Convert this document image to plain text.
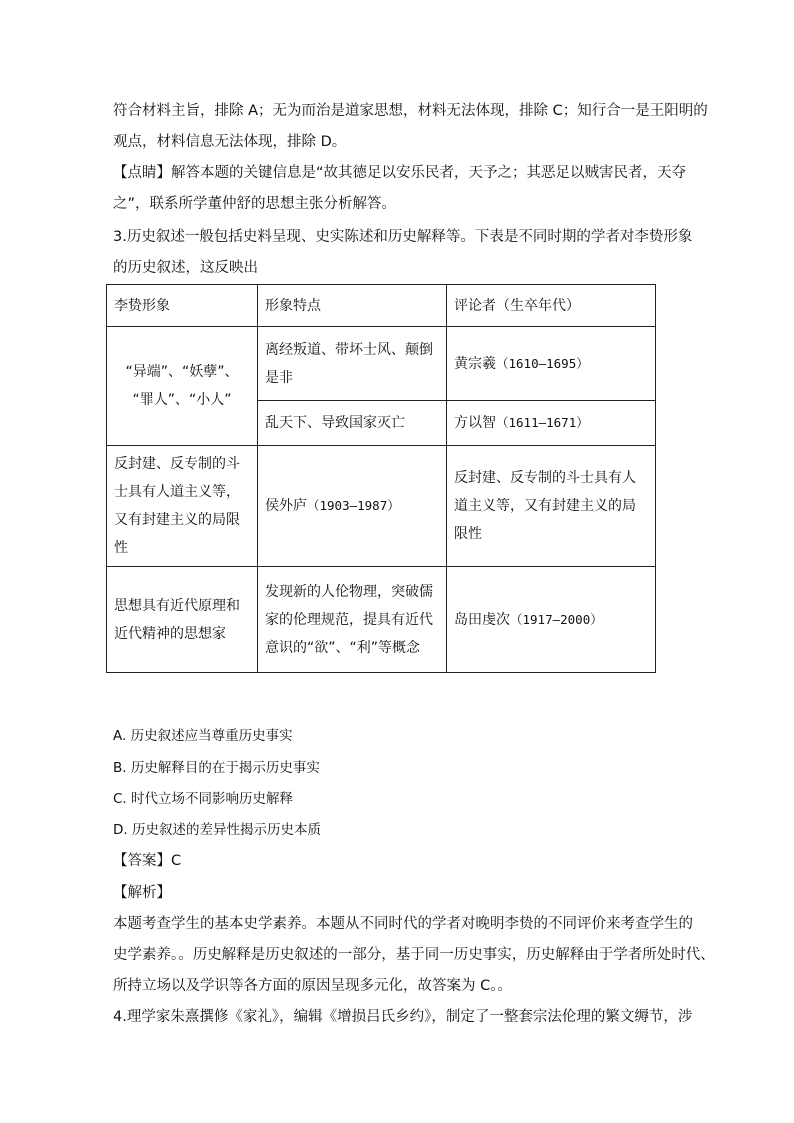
符合材料主旨，排除 A；无为而治是道家思想，材料无法体现，排除 C；知行合一是王阳明的
观点，材料信息无法体现，排除 D。
【点睛】解答本题的关键信息是“故其德足以安乐民者，天予之；其恶足以贼害民者，天夺
之”，联系所学董仲舒的思想主张分析解答。
3.历史叙述一般包括史料呈现、史实陈述和历史解释等。下表是不同时期的学者对李贽形象
的历史叙述，这反映出
李贽形象	形象特点	评论者（生卒年代）

“异端”、“妖孽”、
“罪人”、“小人”	离经叛道、带坏士风、颠倒是非	黄宗羲（1610—1695）
	乱天下、导致国家灭亡	方以智（1611—1671）
反封建、反专制的斗士具有人道主义等，又有封建主义的局限性	侯外庐（1903—1987）	反封建、反专制的斗士具有人道主义等，又有封建主义的局限性
思想具有近代原理和近代精神的思想家	发现新的人伦物理，突破儒家的伦理规范，提具有近代意识的“欲”、“利”等概念	岛田虔次（1917—2000）
A. 历史叙述应当尊重历史事实
B. 历史解释目的在于揭示历史事实
C. 时代立场不同影响历史解释
D. 历史叙述的差异性揭示历史本质
【答案】C
【解析】
本题考查学生的基本史学素养。本题从不同时代的学者对晚明李贽的不同评价来考查学生的
史学素养。。历史解释是历史叙述的一部分，基于同一历史事实，历史解释由于学者所处时代、
所持立场以及学识等各方面的原因呈现多元化，故答案为 C。。
4.理学家朱熹撰修《家礼》，编辑《增损吕氏乡约》，制定了一整套宗法伦理的繁文缛节，涉
